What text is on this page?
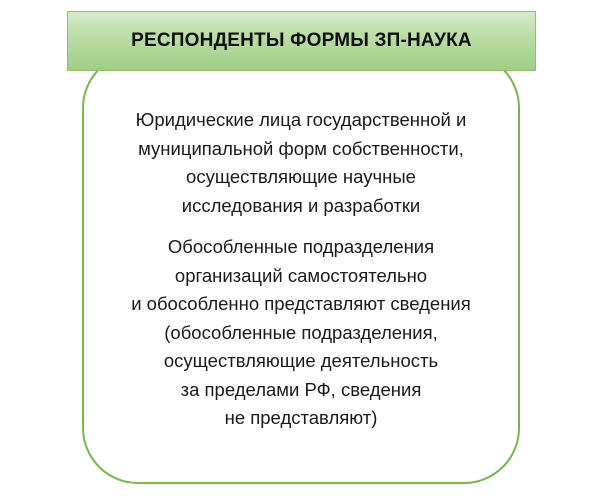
РЕСПОНДЕНТЫ ФОРМЫ ЗП-НАУКА
Юридические лица государственной и
муниципальной форм собственности,
осуществляющие научные
исследования и разработки
Обособленные подразделения
организаций самостоятельно
и обособленно представляют сведения
(обособленные подразделения,
осуществляющие деятельность
за пределами РФ, сведения
не представляют)
